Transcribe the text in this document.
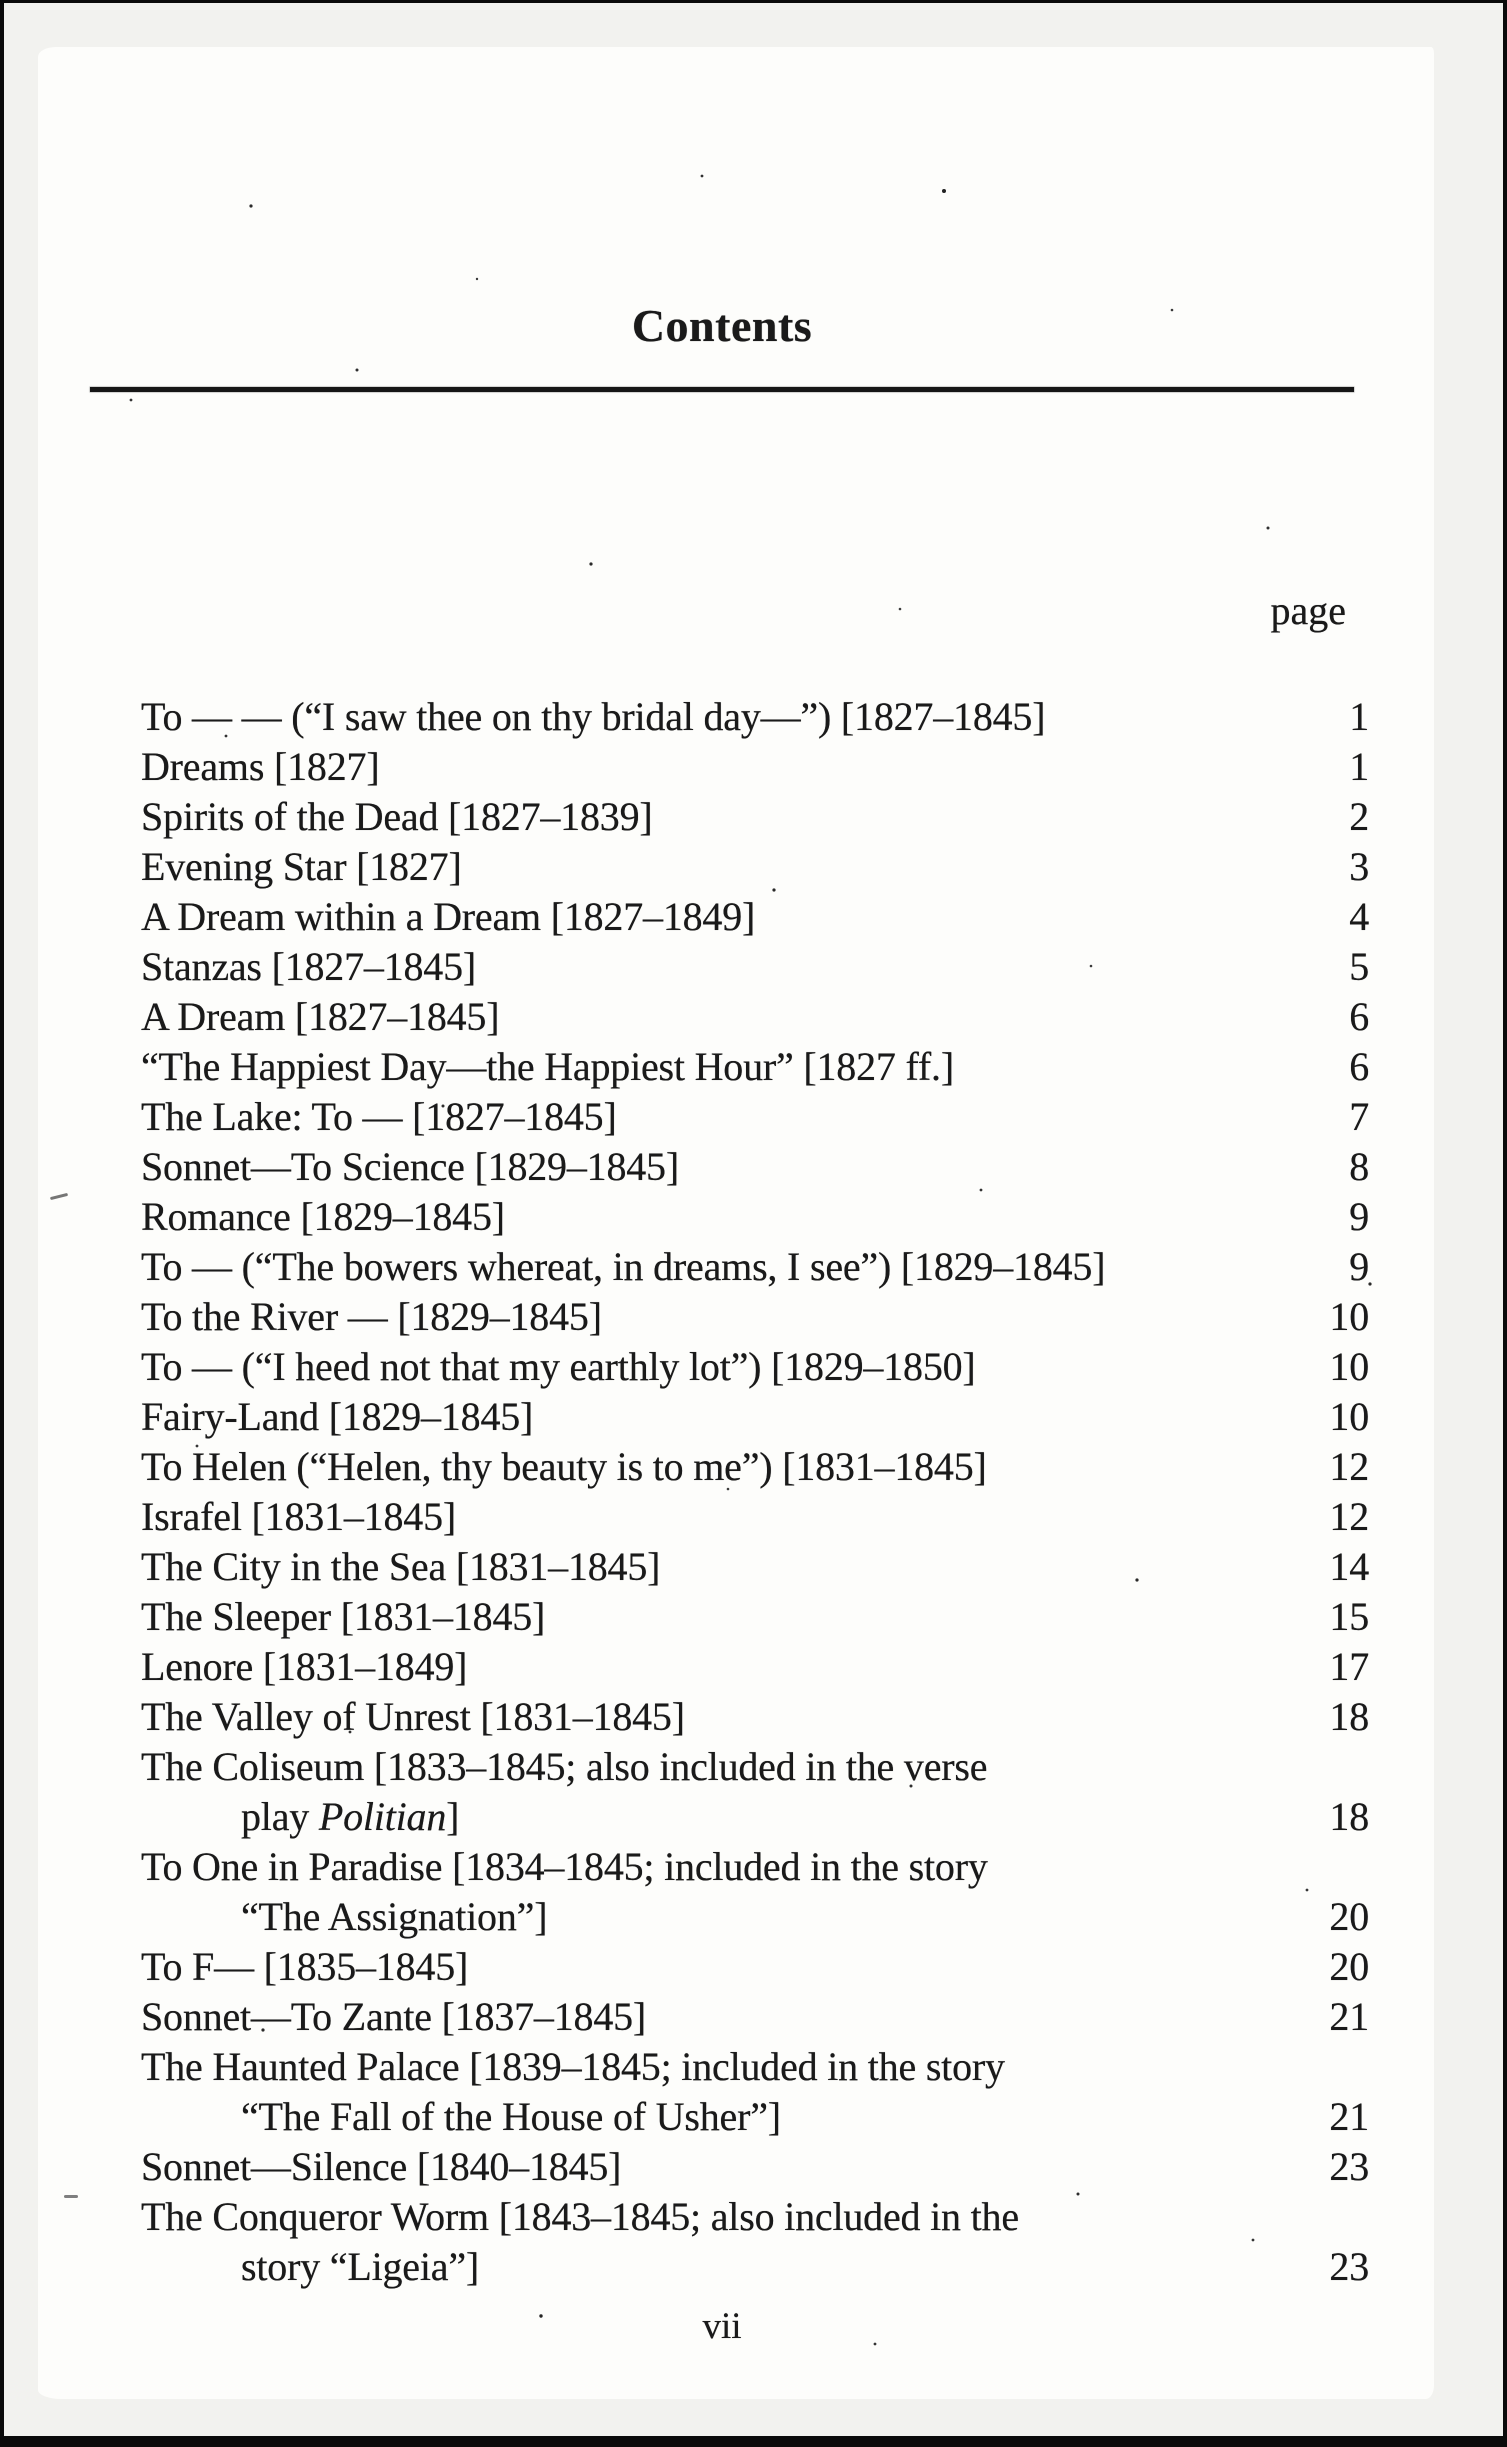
Contents
page
To — — (“I saw thee on thy bridal day—”) [1827–1845]	1
Dreams [1827]	1
Spirits of the Dead [1827–1839]	2
Evening Star [1827]	3
A Dream within a Dream [1827–1849]	4
Stanzas [1827–1845]	5
A Dream [1827–1845]	6
“The Happiest Day—the Happiest Hour” [1827 ff.]	6
The Lake: To — [1827–1845]	7
Sonnet—To Science [1829–1845]	8
Romance [1829–1845]	9
To — (“The bowers whereat, in dreams, I see”) [1829–1845]	9
To the River — [1829–1845]	10
To — (“I heed not that my earthly lot”) [1829–1850]	10
Fairy-Land [1829–1845]	10
To Helen (“Helen, thy beauty is to me”) [1831–1845]	12
Israfel [1831–1845]	12
The City in the Sea [1831–1845]	14
The Sleeper [1831–1845]	15
Lenore [1831–1849]	17
The Valley of Unrest [1831–1845]	18
The Coliseum [1833–1845; also included in the verse
play Politian]	18
To One in Paradise [1834–1845; included in the story
“The Assignation”]	20
To F— [1835–1845]	20
Sonnet—To Zante [1837–1845]	21
The Haunted Palace [1839–1845; included in the story
“The Fall of the House of Usher”]	21
Sonnet—Silence [1840–1845]	23
The Conqueror Worm [1843–1845; also included in the
story “Ligeia”]	23
vii
